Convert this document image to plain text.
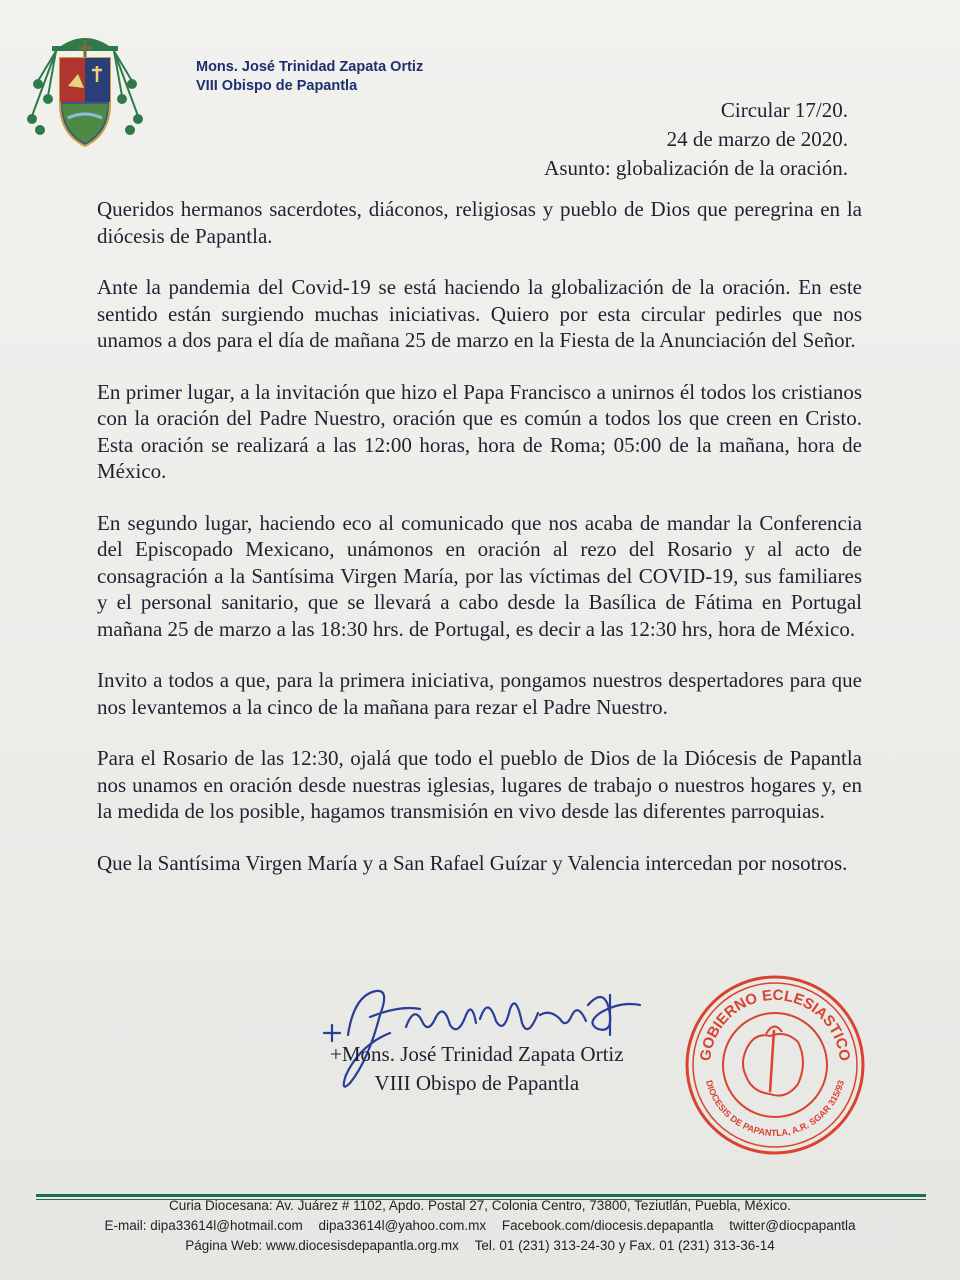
Mons. José Trinidad Zapata Ortiz
VIII Obispo de Papantla
Circular 17/20.
24 de marzo de 2020.
Asunto: globalización de la oración.

Queridos hermanos sacerdotes, diáconos, religiosas y pueblo de Dios que peregrina en la diócesis de Papantla.

Ante la pandemia del Covid-19 se está haciendo la globalización de la oración. En este sentido están surgiendo muchas iniciativas. Quiero por esta circular pedirles que nos unamos a dos para el día de mañana 25 de marzo en la Fiesta de la Anunciación del Señor.

En primer lugar, a la invitación que hizo el Papa Francisco a unirnos él todos los cristianos con la oración del Padre Nuestro, oración que es común a todos los que creen en Cristo. Esta oración se realizará a las 12:00 horas, hora de Roma; 05:00 de la mañana, hora de México.

En segundo lugar, haciendo eco al comunicado que nos acaba de mandar la Conferencia del Episcopado Mexicano, unámonos en oración al rezo del Rosario y al acto de consagración a la Santísima Virgen María, por las víctimas del COVID-19, sus familiares y el personal sanitario, que se llevará a cabo desde la Basílica de Fátima en Portugal mañana 25 de marzo a las 18:30 hrs. de Portugal, es decir a las 12:30 hrs, hora de México.

Invito a todos a que, para la primera iniciativa, pongamos nuestros despertadores para que nos levantemos a la cinco de la mañana para rezar el Padre Nuestro.

Para el Rosario de las 12:30, ojalá que todo el pueblo de Dios de la Diócesis de Papantla nos unamos en oración desde nuestras iglesias, lugares de trabajo o nuestros hogares y, en la medida de los posible, hagamos transmisión en vivo desde las diferentes parroquias.

Que la Santísima Virgen María y a San Rafael Guízar y Valencia intercedan por nosotros.

+Mons. José Trinidad Zapata Ortiz
VIII Obispo de Papantla
GOBIERNO ECLESIASTICO
DIOCESIS DE PAPANTLA, A.R. SGAR 315/93
Curia Diocesana: Av. Juárez # 1102, Apdo. Postal 27, Colonia Centro, 73800, Teziutlán, Puebla, México.
E-mail: dipa33614l@hotmail.com dipa33614l@yahoo.com.mx Facebook.com/diocesis.depapantla twitter@diocpapantla
Página Web: www.diocesisdepapantla.org.mx Tel. 01 (231) 313-24-30 y Fax. 01 (231) 313-36-14
